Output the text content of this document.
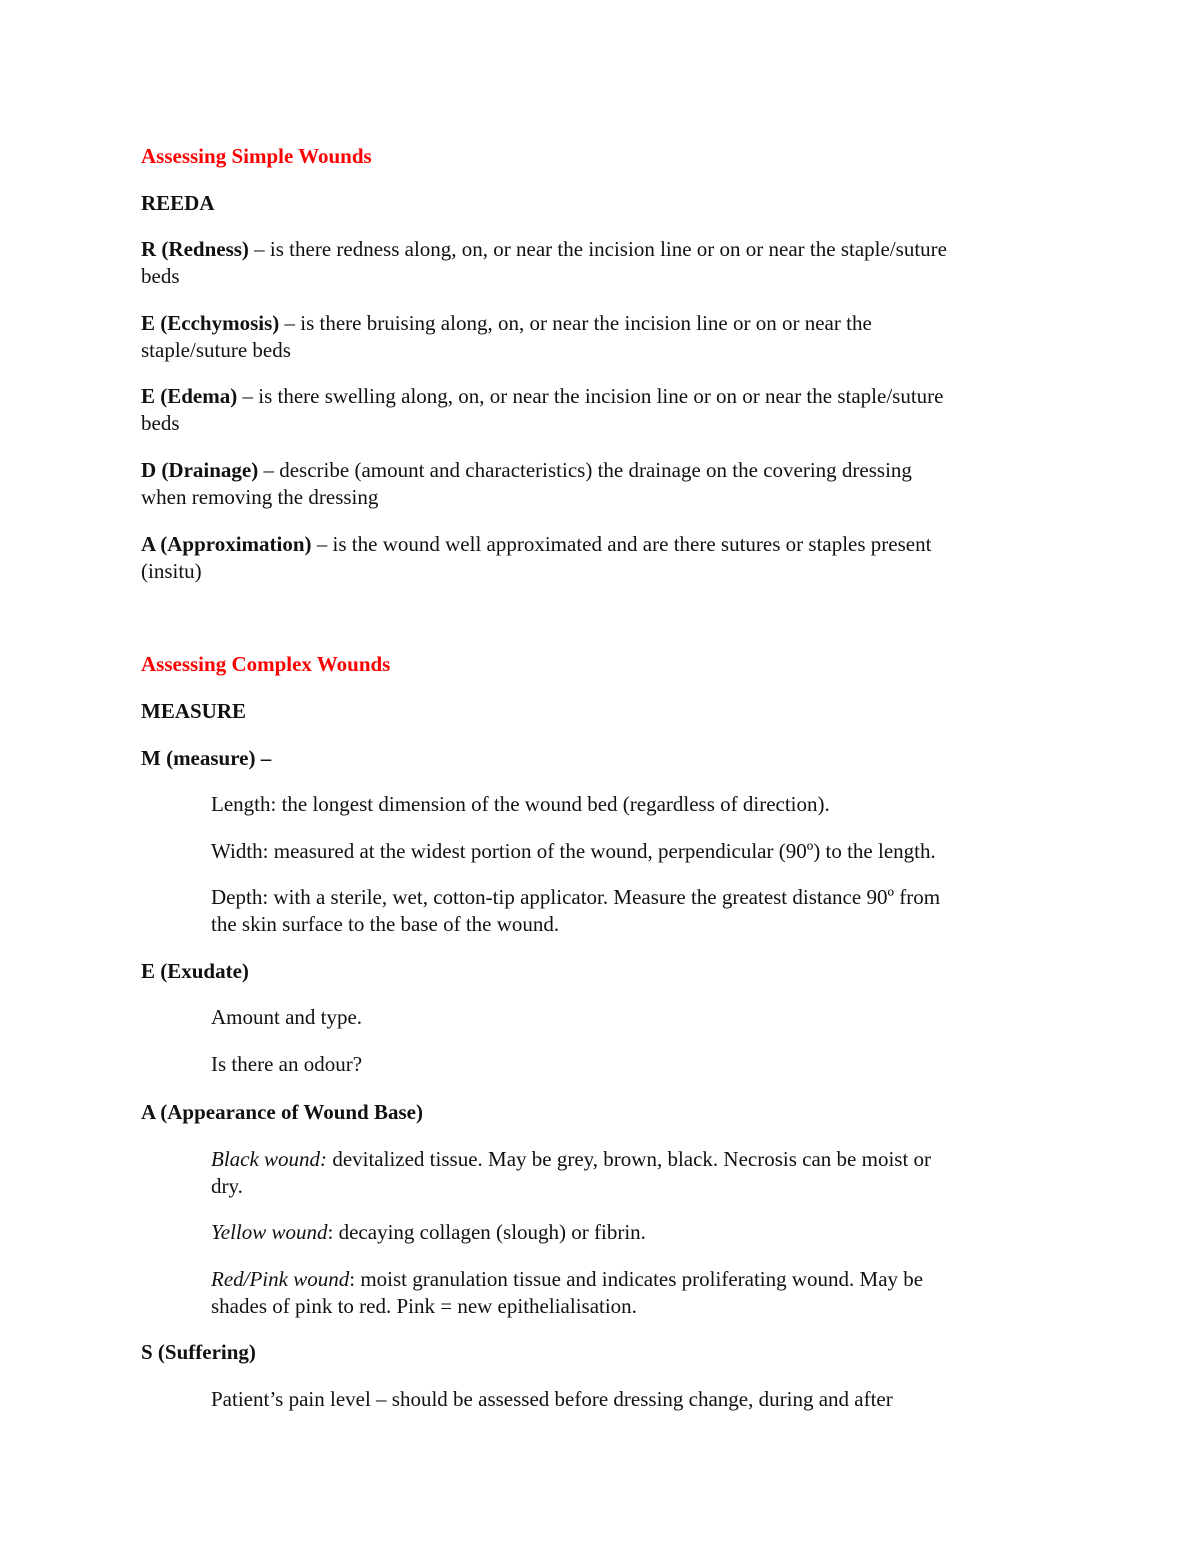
Assessing Simple Wounds
REEDA
R (Redness) – is there redness along, on, or near the incision line or on or near the staple/suture
beds
E (Ecchymosis) – is there bruising along, on, or near the incision line or on or near the
staple/suture beds
E (Edema) – is there swelling along, on, or near the incision line or on or near the staple/suture
beds
D (Drainage) – describe (amount and characteristics) the drainage on the covering dressing
when removing the dressing
A (Approximation) – is the wound well approximated and are there sutures or staples present
(insitu)
Assessing Complex Wounds
MEASURE
M (measure) –
Length: the longest dimension of the wound bed (regardless of direction).
Width: measured at the widest portion of the wound, perpendicular (90º) to the length.
Depth: with a sterile, wet, cotton-tip applicator. Measure the greatest distance 90º from
the skin surface to the base of the wound.
E (Exudate)
Amount and type.
Is there an odour?
A (Appearance of Wound Base)
Black wound: devitalized tissue. May be grey, brown, black. Necrosis can be moist or
dry.
Yellow wound: decaying collagen (slough) or fibrin.
Red/Pink wound: moist granulation tissue and indicates proliferating wound. May be
shades of pink to red. Pink = new epithelialisation.
S (Suffering)
Patient’s pain level – should be assessed before dressing change, during and after
